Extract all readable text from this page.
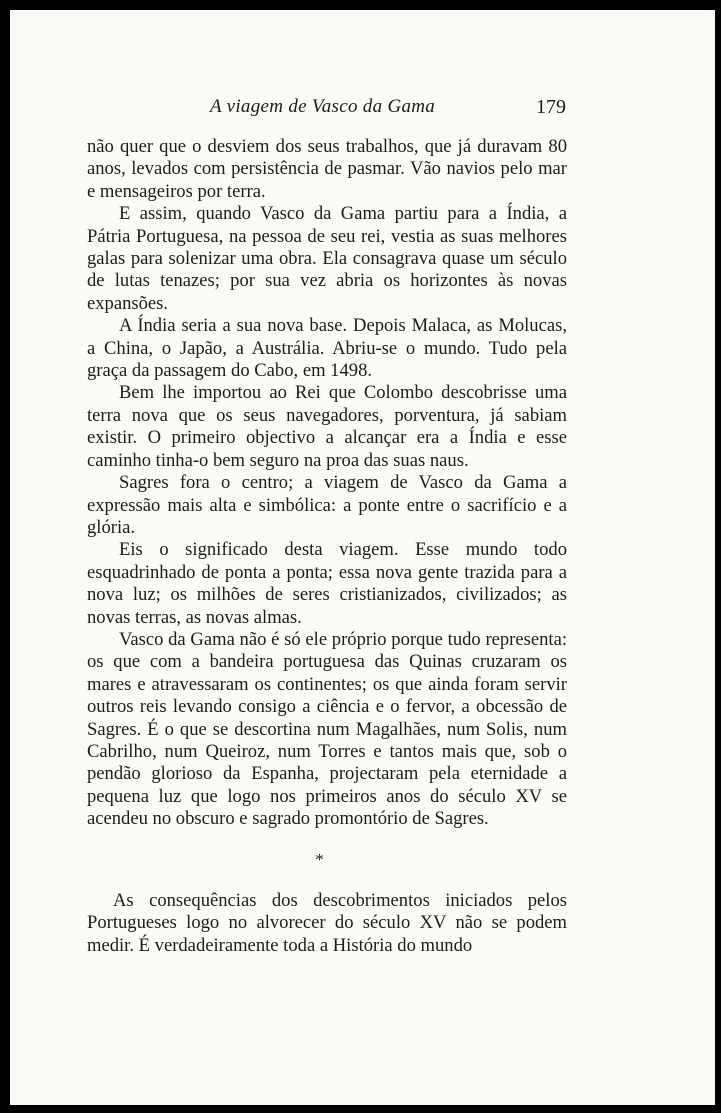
A viagem de Vasco da Gama	179

não quer que o desviem dos seus trabalhos, que já duravam 80 anos, levados com persistência de pasmar. Vão navios pelo mar e mensageiros por terra.

E assim, quando Vasco da Gama partiu para a Índia, a Pátria Portuguesa, na pessoa de seu rei, vestia as suas melhores galas para solenizar uma obra. Ela consagrava quase um século de lutas tenazes; por sua vez abria os horizontes às novas expansões.

A Índia seria a sua nova base. Depois Malaca, as Molucas, a China, o Japão, a Austrália. Abriu-se o mundo. Tudo pela graça da passagem do Cabo, em 1498.

Bem lhe importou ao Rei que Colombo descobrisse uma terra nova que os seus navegadores, porventura, já sabiam existir. O primeiro objectivo a alcançar era a Índia e esse caminho tinha-o bem seguro na proa das suas naus.

Sagres fora o centro; a viagem de Vasco da Gama a expressão mais alta e simbólica: a ponte entre o sacrifício e a glória.

Eis o significado desta viagem. Esse mundo todo esquadrinhado de ponta a ponta; essa nova gente trazida para a nova luz; os milhões de seres cristianizados, civilizados; as novas terras, as novas almas.

Vasco da Gama não é só ele próprio porque tudo representa: os que com a bandeira portuguesa das Quinas cruzaram os mares e atravessaram os continentes; os que ainda foram servir outros reis levando consigo a ciência e o fervor, a obcessão de Sagres. É o que se descortina num Magalhães, num Solis, num Cabrilho, num Queiroz, num Torres e tantos mais que, sob o pendão glorioso da Espanha, projectaram pela eternidade a pequena luz que logo nos primeiros anos do século XV se acendeu no obscuro e sagrado promontório de Sagres.

*

As consequências dos descobrimentos iniciados pelos Portugueses logo no alvorecer do século XV não se podem medir. É verdadeiramente toda a História do mundo
